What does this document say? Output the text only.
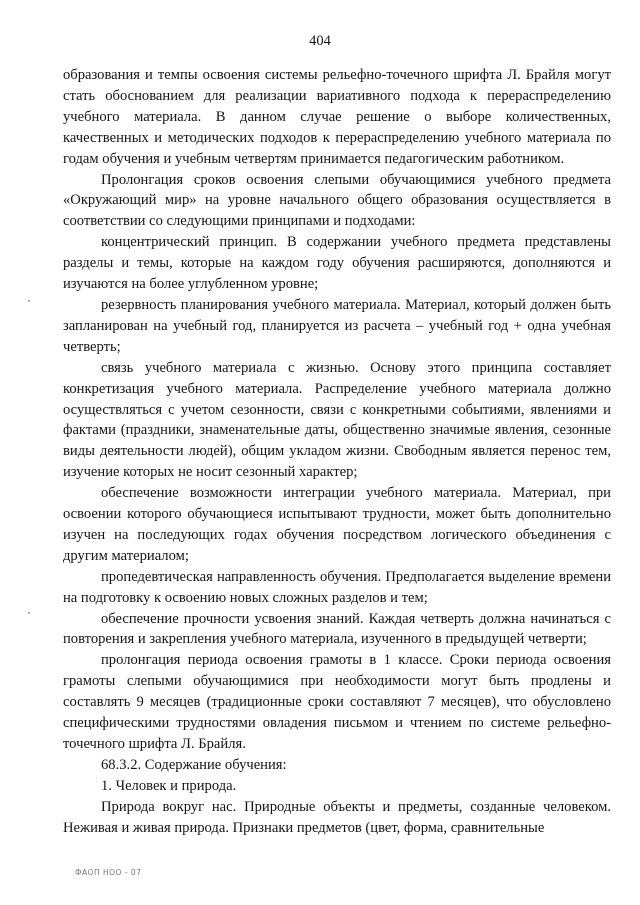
404

образования и темпы освоения системы рельефно-точечного шрифта Л. Брайля могут стать обоснованием для реализации вариативного подхода к перераспределению учебного материала. В данном случае решение о выборе количественных, качественных и методических подходов к перераспределению учебного материала по годам обучения и учебным четвертям принимается педагогическим работником.

Пролонгация сроков освоения слепыми обучающимися учебного предмета «Окружающий мир» на уровне начального общего образования осуществляется в соответствии со следующими принципами и подходами:

концентрический принцип. В содержании учебного предмета представлены разделы и темы, которые на каждом году обучения расширяются, дополняются и изучаются на более углубленном уровне;

резервность планирования учебного материала. Материал, который должен быть запланирован на учебный год, планируется из расчета – учебный год + одна учебная четверть;

связь учебного материала с жизнью. Основу этого принципа составляет конкретизация учебного материала. Распределение учебного материала должно осуществляться с учетом сезонности, связи с конкретными событиями, явлениями и фактами (праздники, знаменательные даты, общественно значимые явления, сезонные виды деятельности людей), общим укладом жизни. Свободным является перенос тем, изучение которых не носит сезонный характер;

обеспечение возможности интеграции учебного материала. Материал, при освоении которого обучающиеся испытывают трудности, может быть дополнительно изучен на последующих годах обучения посредством логического объединения с другим материалом;

пропедевтическая направленность обучения. Предполагается выделение времени на подготовку к освоению новых сложных разделов и тем;

обеспечение прочности усвоения знаний. Каждая четверть должна начинаться с повторения и закрепления учебного материала, изученного в предыдущей четверти;

пролонгация периода освоения грамоты в 1 классе. Сроки периода освоения грамоты слепыми обучающимися при необходимости могут быть продлены и составлять 9 месяцев (традиционные сроки составляют 7 месяцев), что обусловлено специфическими трудностями овладения письмом и чтением по системе рельефно-точечного шрифта Л. Брайля.

68.3.2. Содержание обучения:

1. Человек и природа.

Природа вокруг нас. Природные объекты и предметы, созданные человеком. Неживая и живая природа. Признаки предметов (цвет, форма, сравнительные

ФАОП НОО - 07
